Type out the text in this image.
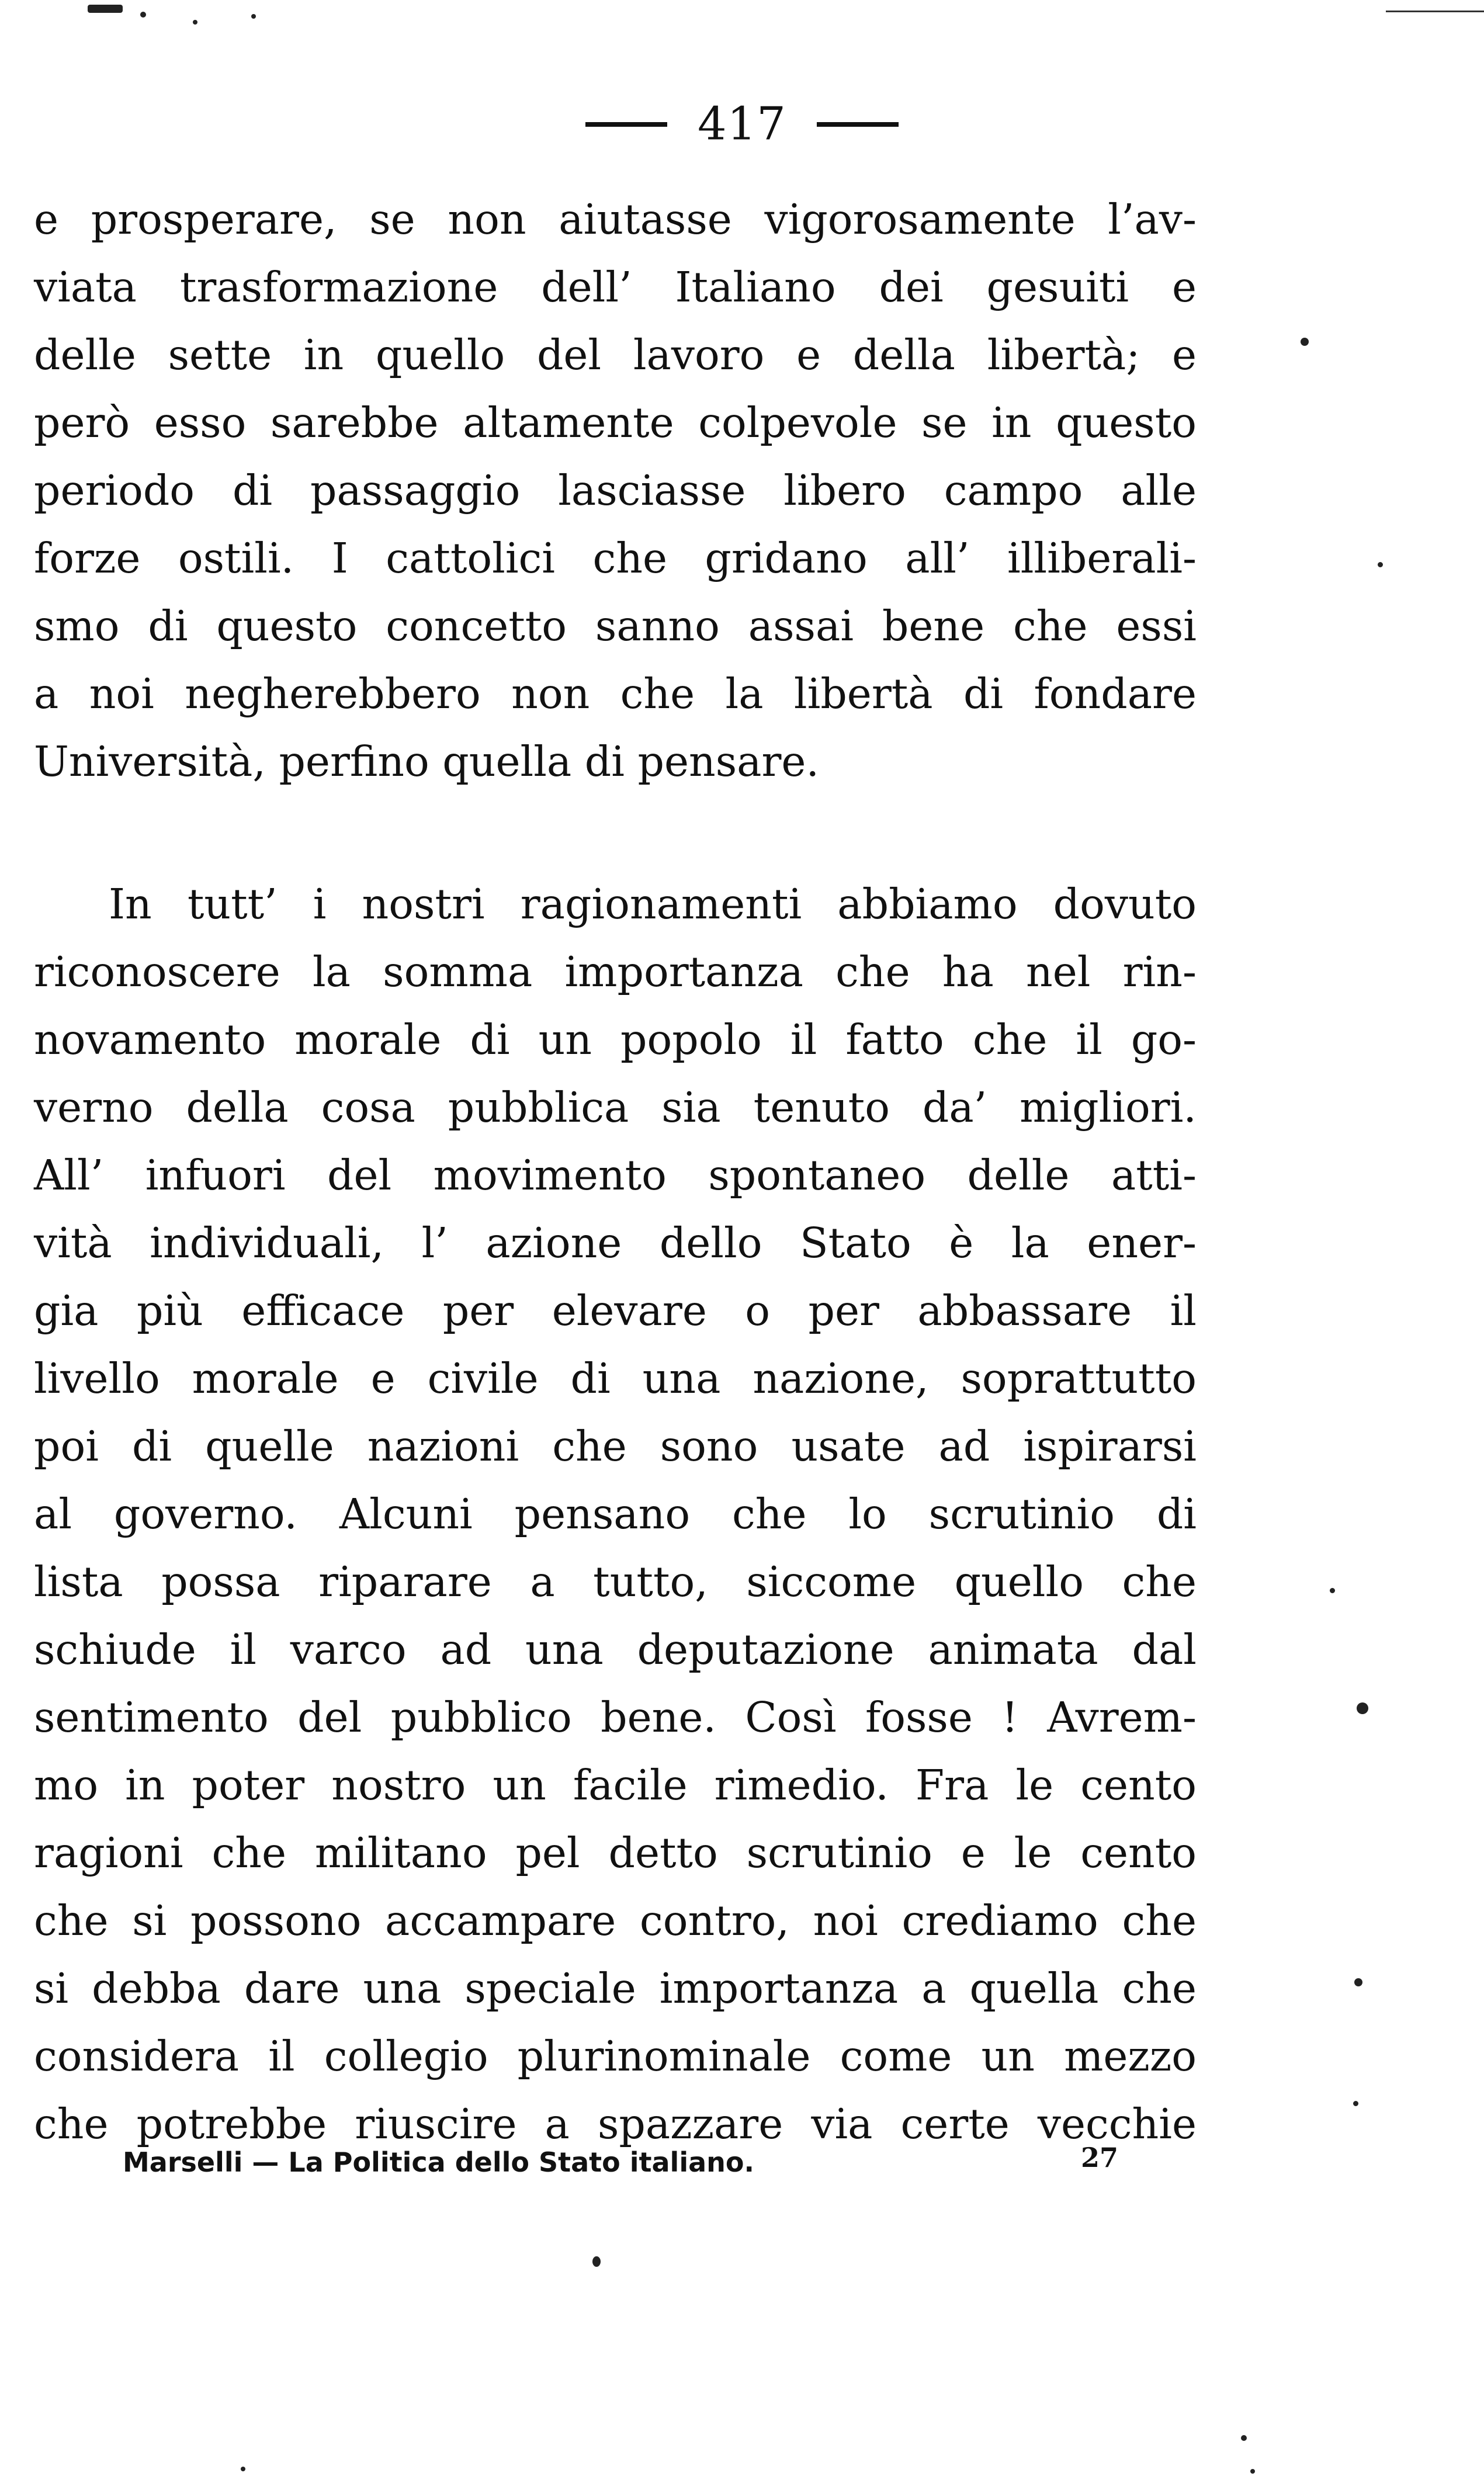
417
e prosperare, se non aiutasse vigorosamente l’av-
viata trasformazione dell’ Italiano dei gesuiti e
delle sette in quello del lavoro e della libertà; e
però esso sarebbe altamente colpevole se in questo
periodo di passaggio lasciasse libero campo alle
forze ostili. I cattolici che gridano all’ illiberali-
smo di questo concetto sanno assai bene che essi
a noi negherebbero non che la libertà di fondare
Università, perfino quella di pensare.
In tutt’ i nostri ragionamenti abbiamo dovuto
riconoscere la somma importanza che ha nel rin-
novamento morale di un popolo il fatto che il go-
verno della cosa pubblica sia tenuto da’ migliori.
All’ infuori del movimento spontaneo delle atti-
vità individuali, l’ azione dello Stato è la ener-
gia più efficace per elevare o per abbassare il
livello morale e civile di una nazione, soprattutto
poi di quelle nazioni che sono usate ad ispirarsi
al governo. Alcuni pensano che lo scrutinio di
lista possa riparare a tutto, siccome quello che
schiude il varco ad una deputazione animata dal
sentimento del pubblico bene. Così fosse ! Avrem-
mo in poter nostro un facile rimedio. Fra le cento
ragioni che militano pel detto scrutinio e le cento
che si possono accampare contro, noi crediamo che
si debba dare una speciale importanza a quella che
considera il collegio plurinominale come un mezzo
che potrebbe riuscire a spazzare via certe vecchie
Marselli — La Politica dello Stato italiano.	27
